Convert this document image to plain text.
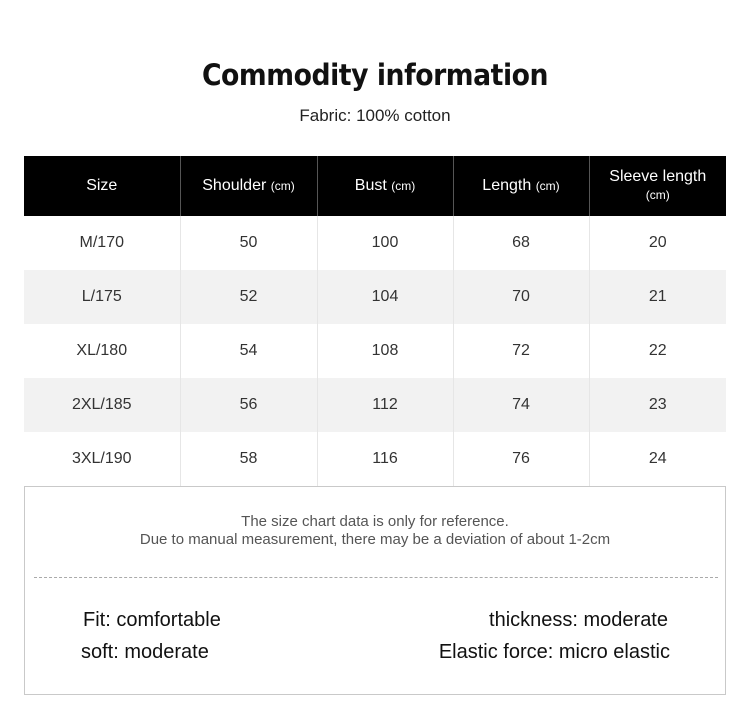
Commodity information
Fabric: 100% cotton
Size	Shoulder (cm)	Bust (cm)	Length (cm)	Sleeve length
(cm)
M/170	50	100	68	20
L/175	52	104	70	21
XL/180	54	108	72	22
2XL/185	56	112	74	23
3XL/190	58	116	76	24
The size chart data is only for reference.
Due to manual measurement, there may be a deviation of about 1-2cm
Fit: comfortable
soft: moderate
thickness: moderate
Elastic force: micro elastic
